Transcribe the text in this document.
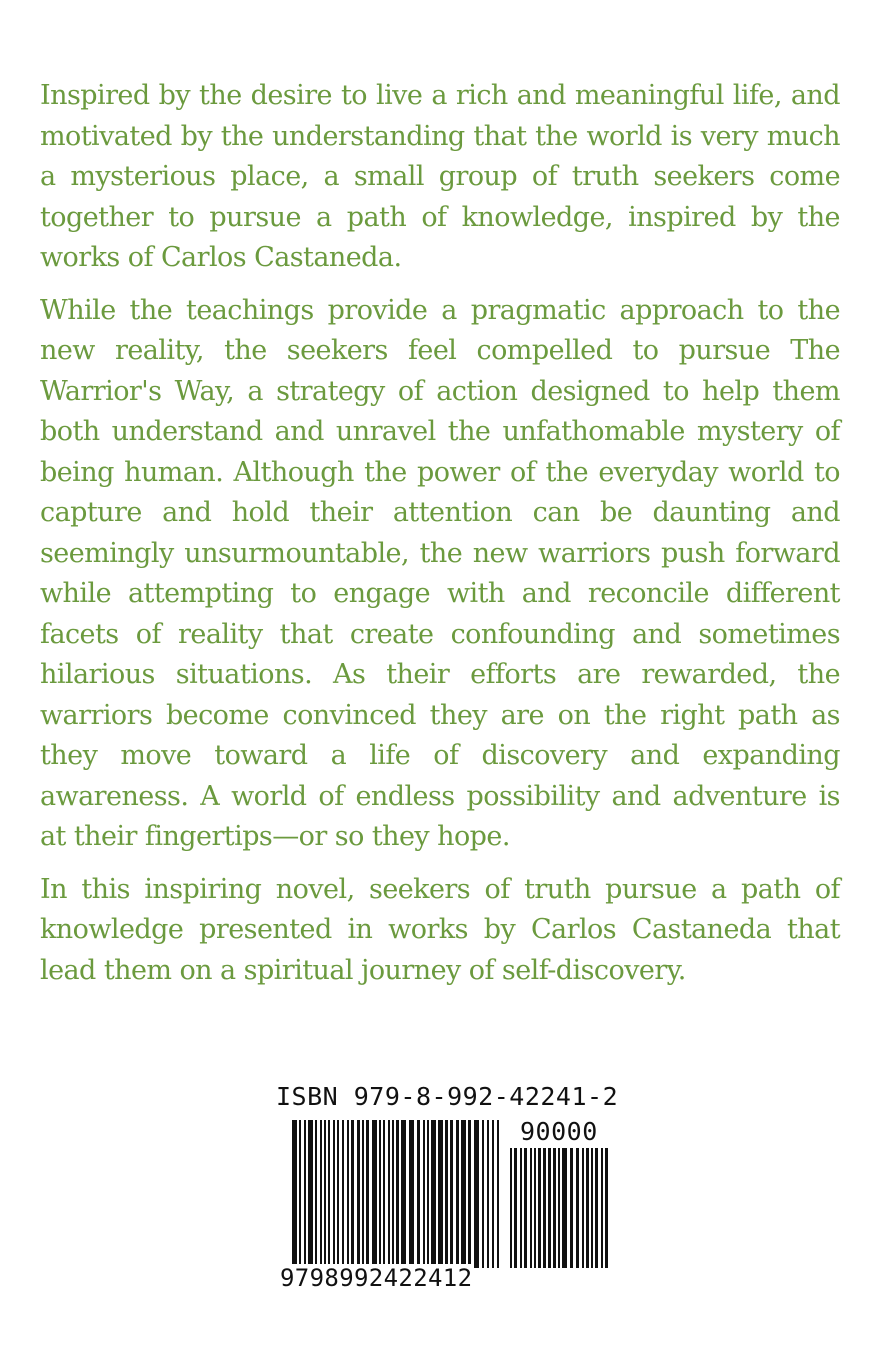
Inspired by the desire to live a rich and meaningful life, and motivated by the understanding that the world is very much a mysterious place, a small group of truth seekers come together to pursue a path of knowledge, inspired by the works of Carlos Castaneda.

While the teachings provide a pragmatic approach to the new reality, the seekers feel compelled to pursue The Warrior's Way, a strategy of action designed to help them both understand and unravel the unfathomable mystery of being human. Although the power of the everyday world to capture and hold their attention can be daunting and seemingly unsurmountable, the new warriors push forward while attempting to engage with and reconcile different facets of reality that create confounding and sometimes hilarious situations. As their efforts are rewarded, the warriors become convinced they are on the right path as they move toward a life of discovery and expanding awareness. A world of endless possibility and adventure is at their fingertips—or so they hope.

In this inspiring novel, seekers of truth pursue a path of knowledge presented in works by Carlos Castaneda that lead them on a spiritual journey of self-discovery.

ISBN 979-8-992-42241-2
90000
9798992422412
